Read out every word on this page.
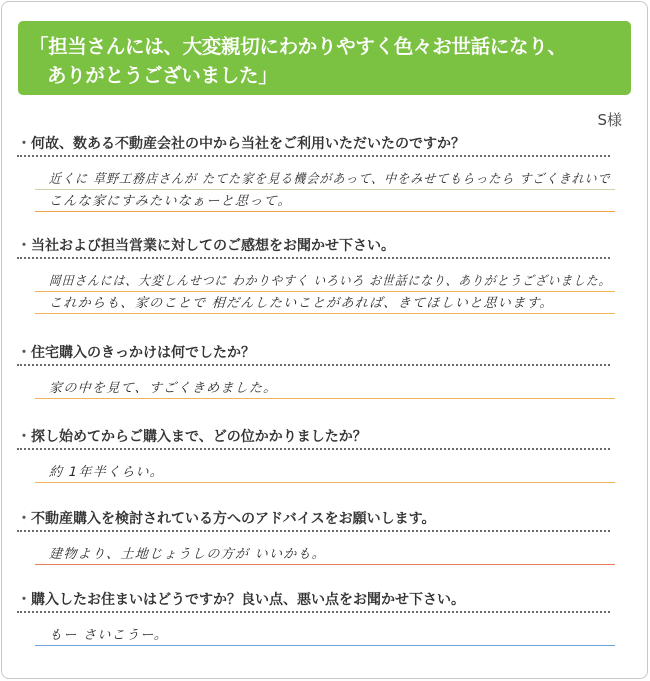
「担当さんには、大変親切にわかりやすく色々お世話になり、
ありがとうございました」
S様
・何故、数ある不動産会社の中から当社をご利用いただいたのですか？
近くに 草野工務店さんが たてた家を見る機会があって、中をみせてもらったら すごくきれいで
こんな家にすみたいなぁーと思って。
・当社および担当営業に対してのご感想をお聞かせ下さい。
岡田さんには、大変しんせつに わかりやすく いろいろ お世話になり、ありがとうございました。
これからも、家のことで 相だんしたいことがあれば、きてほしいと思います。
・住宅購入のきっかけは何でしたか？
家の中を見て、すごくきめました。
・探し始めてからご購入まで、どの位かかりましたか？
約 1年半くらい。
・不動産購入を検討されている方へのアドバイスをお願いします。
建物より、土地じょうしの方が いいかも。
・購入したお住まいはどうですか？良い点、悪い点をお聞かせ下さい。
もー さいこうー。
